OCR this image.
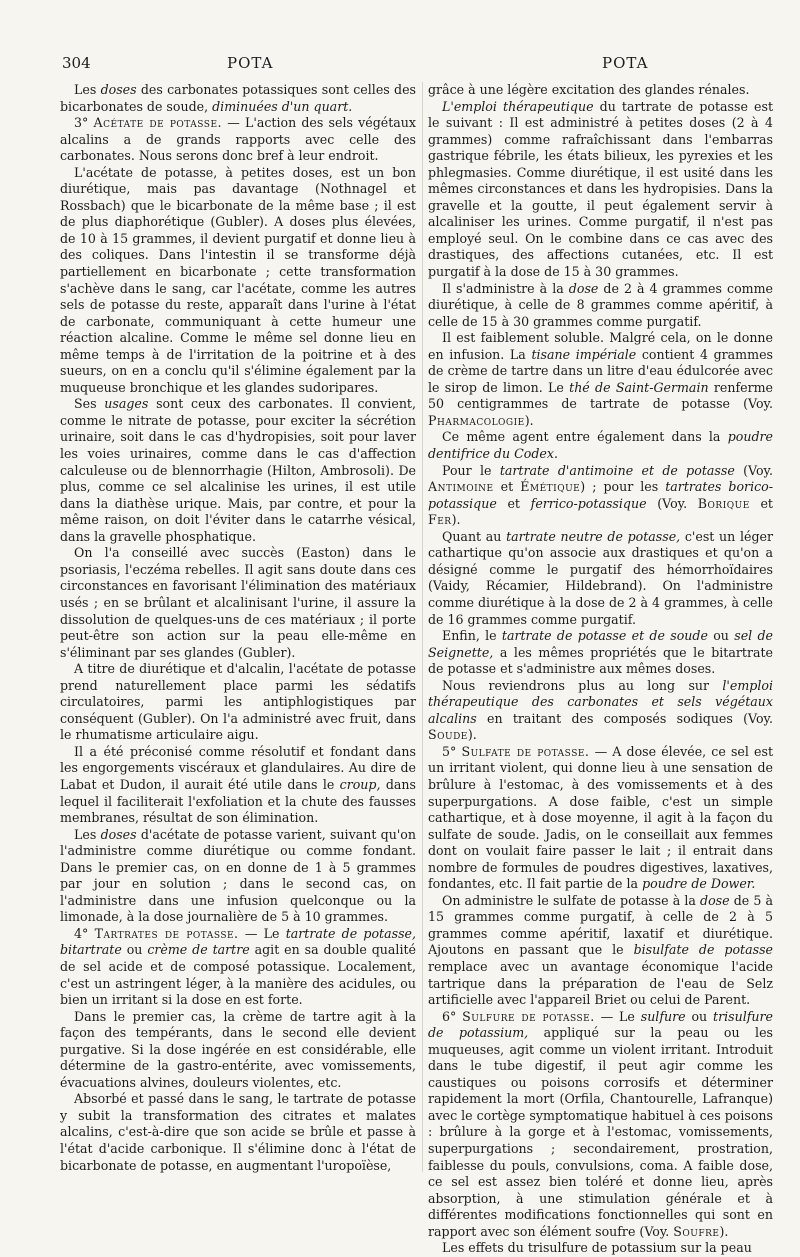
304	POTA	POTA

Les doses des carbonates potassiques sont celles des bicarbonates de soude, diminuées d'un quart.

3° Acétate de potasse. — L'action des sels végétaux alcalins a de grands rapports avec celle des carbonates. Nous serons donc bref à leur endroit.

L'acétate de potasse, à petites doses, est un bon diurétique, mais pas davantage (Nothnagel et Rossbach) que le bicarbonate de la même base ; il est de plus diaphorétique (Gubler). A doses plus élevées, de 10 à 15 grammes, il devient purgatif et donne lieu à des coliques. Dans l'intestin il se transforme déjà partiellement en bicarbonate ; cette transformation s'achève dans le sang, car l'acétate, comme les autres sels de potasse du reste, apparaît dans l'urine à l'état de carbonate, communiquant à cette humeur une réaction alcaline. Comme le même sel donne lieu en même temps à de l'irritation de la poitrine et à des sueurs, on en a conclu qu'il s'élimine également par la muqueuse bronchique et les glandes sudoripares.

Ses usages sont ceux des carbonates. Il convient, comme le nitrate de potasse, pour exciter la sécrétion urinaire, soit dans le cas d'hydropisies, soit pour laver les voies urinaires, comme dans le cas d'affection calculeuse ou de blennorrhagie (Hilton, Ambrosoli). De plus, comme ce sel alcalinise les urines, il est utile dans la diathèse urique. Mais, par contre, et pour la même raison, on doit l'éviter dans le catarrhe vésical, dans la gravelle phosphatique.

On l'a conseillé avec succès (Easton) dans le psoriasis, l'eczéma rebelles. Il agit sans doute dans ces circonstances en favorisant l'élimination des matériaux usés ; en se brûlant et alcalinisant l'urine, il assure la dissolution de quelques-uns de ces matériaux ; il porte peut-être son action sur la peau elle-même en s'éliminant par ses glandes (Gubler).

A titre de diurétique et d'alcalin, l'acétate de potasse prend naturellement place parmi les sédatifs circulatoires, parmi les antiphlogistiques par conséquent (Gubler). On l'a administré avec fruit, dans le rhumatisme articulaire aigu.

Il a été préconisé comme résolutif et fondant dans les engorgements viscéraux et glandulaires. Au dire de Labat et Dudon, il aurait été utile dans le croup, dans lequel il faciliterait l'exfoliation et la chute des fausses membranes, résultat de son élimination.

Les doses d'acétate de potasse varient, suivant qu'on l'administre comme diurétique ou comme fondant. Dans le premier cas, on en donne de 1 à 5 grammes par jour en solution ; dans le second cas, on l'administre dans une infusion quelconque ou la limonade, à la dose journalière de 5 à 10 grammes.

4° Tartrates de potasse. — Le tartrate de potasse, bitartrate ou crème de tartre agit en sa double qualité de sel acide et de composé potassique. Localement, c'est un astringent léger, à la manière des acidules, ou bien un irritant si la dose en est forte.

Dans le premier cas, la crème de tartre agit à la façon des tempérants, dans le second elle devient purgative. Si la dose ingérée en est considérable, elle détermine de la gastro-entérite, avec vomissements, évacuations alvines, douleurs violentes, etc.

Absorbé et passé dans le sang, le tartrate de potasse y subit la transformation des citrates et malates alcalins, c'est-à-dire que son acide se brûle et passe à l'état d'acide carbonique. Il s'élimine donc à l'état de bicarbonate de potasse, en augmentant l'uropoïèse,

grâce à une légère excitation des glandes rénales.

L'emploi thérapeutique du tartrate de potasse est le suivant : Il est administré à petites doses (2 à 4 grammes) comme rafraîchissant dans l'embarras gastrique fébrile, les états bilieux, les pyrexies et les phlegmasies. Comme diurétique, il est usité dans les mêmes circonstances et dans les hydropisies. Dans la gravelle et la goutte, il peut également servir à alcaliniser les urines. Comme purgatif, il n'est pas employé seul. On le combine dans ce cas avec des drastiques, des affections cutanées, etc. Il est purgatif à la dose de 15 à 30 grammes.

Il s'administre à la dose de 2 à 4 grammes comme diurétique, à celle de 8 grammes comme apéritif, à celle de 15 à 30 grammes comme purgatif.

Il est faiblement soluble. Malgré cela, on le donne en infusion. La tisane impériale contient 4 grammes de crème de tartre dans un litre d'eau édulcorée avec le sirop de limon. Le thé de Saint-Germain renferme 50 centigrammes de tartrate de potasse (Voy. Pharmacologie).

Ce même agent entre également dans la poudre dentifrice du Codex.

Pour le tartrate d'antimoine et de potasse (Voy. Antimoine et Émétique) ; pour les tartrates borico-potassique et ferrico-potassique (Voy. Borique et Fer).

Quant au tartrate neutre de potasse, c'est un léger cathartique qu'on associe aux drastiques et qu'on a désigné comme le purgatif des hémorrhoïdaires (Vaidy, Récamier, Hildebrand). On l'administre comme diurétique à la dose de 2 à 4 grammes, à celle de 16 grammes comme purgatif.

Enfin, le tartrate de potasse et de soude ou sel de Seignette, a les mêmes propriétés que le bitartrate de potasse et s'administre aux mêmes doses.

Nous reviendrons plus au long sur l'emploi thérapeutique des carbonates et sels végétaux alcalins en traitant des composés sodiques (Voy. Soude).

5° Sulfate de potasse. — A dose élevée, ce sel est un irritant violent, qui donne lieu à une sensation de brûlure à l'estomac, à des vomissements et à des superpurgations. A dose faible, c'est un simple cathartique, et à dose moyenne, il agit à la façon du sulfate de soude. Jadis, on le conseillait aux femmes dont on voulait faire passer le lait ; il entrait dans nombre de formules de poudres digestives, laxatives, fondantes, etc. Il fait partie de la poudre de Dower.

On administre le sulfate de potasse à la dose de 5 à 15 grammes comme purgatif, à celle de 2 à 5 grammes comme apéritif, laxatif et diurétique. Ajoutons en passant que le bisulfate de potasse remplace avec un avantage économique l'acide tartrique dans la préparation de l'eau de Selz artificielle avec l'appareil Briet ou celui de Parent.

6° Sulfure de potasse. — Le sulfure ou trisulfure de potassium, appliqué sur la peau ou les muqueuses, agit comme un violent irritant. Introduit dans le tube digestif, il peut agir comme les caustiques ou poisons corrosifs et déterminer rapidement la mort (Orfila, Chantourelle, Lafranque) avec le cortège symptomatique habituel à ces poisons : brûlure à la gorge et à l'estomac, vomissements, superpurgations ; secondairement, prostration, faiblesse du pouls, convulsions, coma. A faible dose, ce sel est assez bien toléré et donne lieu, après absorption, à une stimulation générale et à différentes modifications fonctionnelles qui sont en rapport avec son élément soufre (Voy. Soufre).

Les effets du trisulfure de potassium sur la peau
